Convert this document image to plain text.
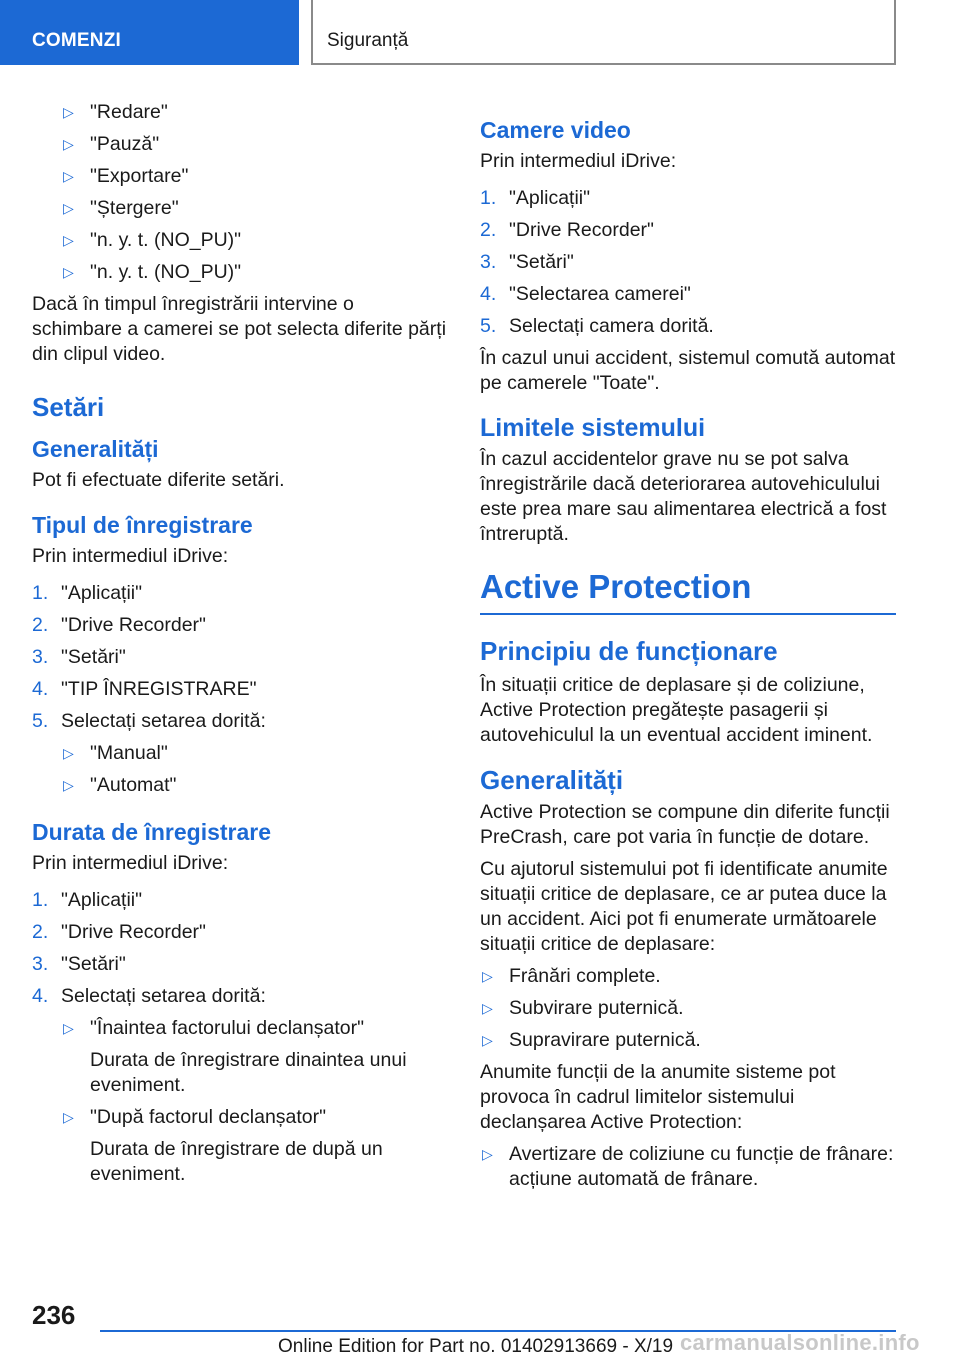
COMENZI	Siguranță
▷ "Redare"
▷ "Pauză"
▷ "Exportare"
▷ "Ștergere"
▷ "n. y. t. (NO_PU)"
▷ "n. y. t. (NO_PU)"

Dacă în timpul înregistrării intervine o schimbare a camerei se pot selecta diferite părți din clipul video.

Setări
Generalități

Pot fi efectuate diferite setări.

Tipul de înregistrare

Prin intermediul iDrive:

1. "Aplicații"
2. "Drive Recorder"
3. "Setări"
4. "TIP ÎNREGISTRARE"
5. Selectați setarea dorită:
▷ "Manual"
▷ "Automat"
Durata de înregistrare

Prin intermediul iDrive:

1. "Aplicații"
2. "Drive Recorder"
3. "Setări"
4. Selectați setarea dorită:
▷ "Înaintea factorului declanșator"
Durata de înregistrare dinaintea unui eveniment.
▷ "După factorul declanșator"
Durata de înregistrare de după un eveniment.
Camere video

Prin intermediul iDrive:

1. "Aplicații"
2. "Drive Recorder"
3. "Setări"
4. "Selectarea camerei"
5. Selectați camera dorită.

În cazul unui accident, sistemul comută automat pe camerele "Toate".

Limitele sistemului

În cazul accidentelor grave nu se pot salva înregistrările dacă deteriorarea autovehiculului este prea mare sau alimentarea electrică a fost întreruptă.

Active Protection
Principiu de funcționare

În situații critice de deplasare și de coliziune, Active Protection pregătește pasagerii și autovehiculul la un eventual accident iminent.

Generalități

Active Protection se compune din diferite funcții PreCrash, care pot varia în funcție de dotare.

Cu ajutorul sistemului pot fi identificate anumite situații critice de deplasare, ce ar putea duce la un accident. Aici pot fi enumerate următoarele situații critice de deplasare:

▷ Frânări complete.
▷ Subvirare puternică.
▷ Supravirare puternică.

Anumite funcții de la anumite sisteme pot provoca în cadrul limitelor sistemului declanșarea Active Protection:

▷ Avertizare de coliziune cu funcție de frânare: acțiune automată de frânare.
236
Online Edition for Part no. 01402913669 - X/19 carmanualsonline.info
